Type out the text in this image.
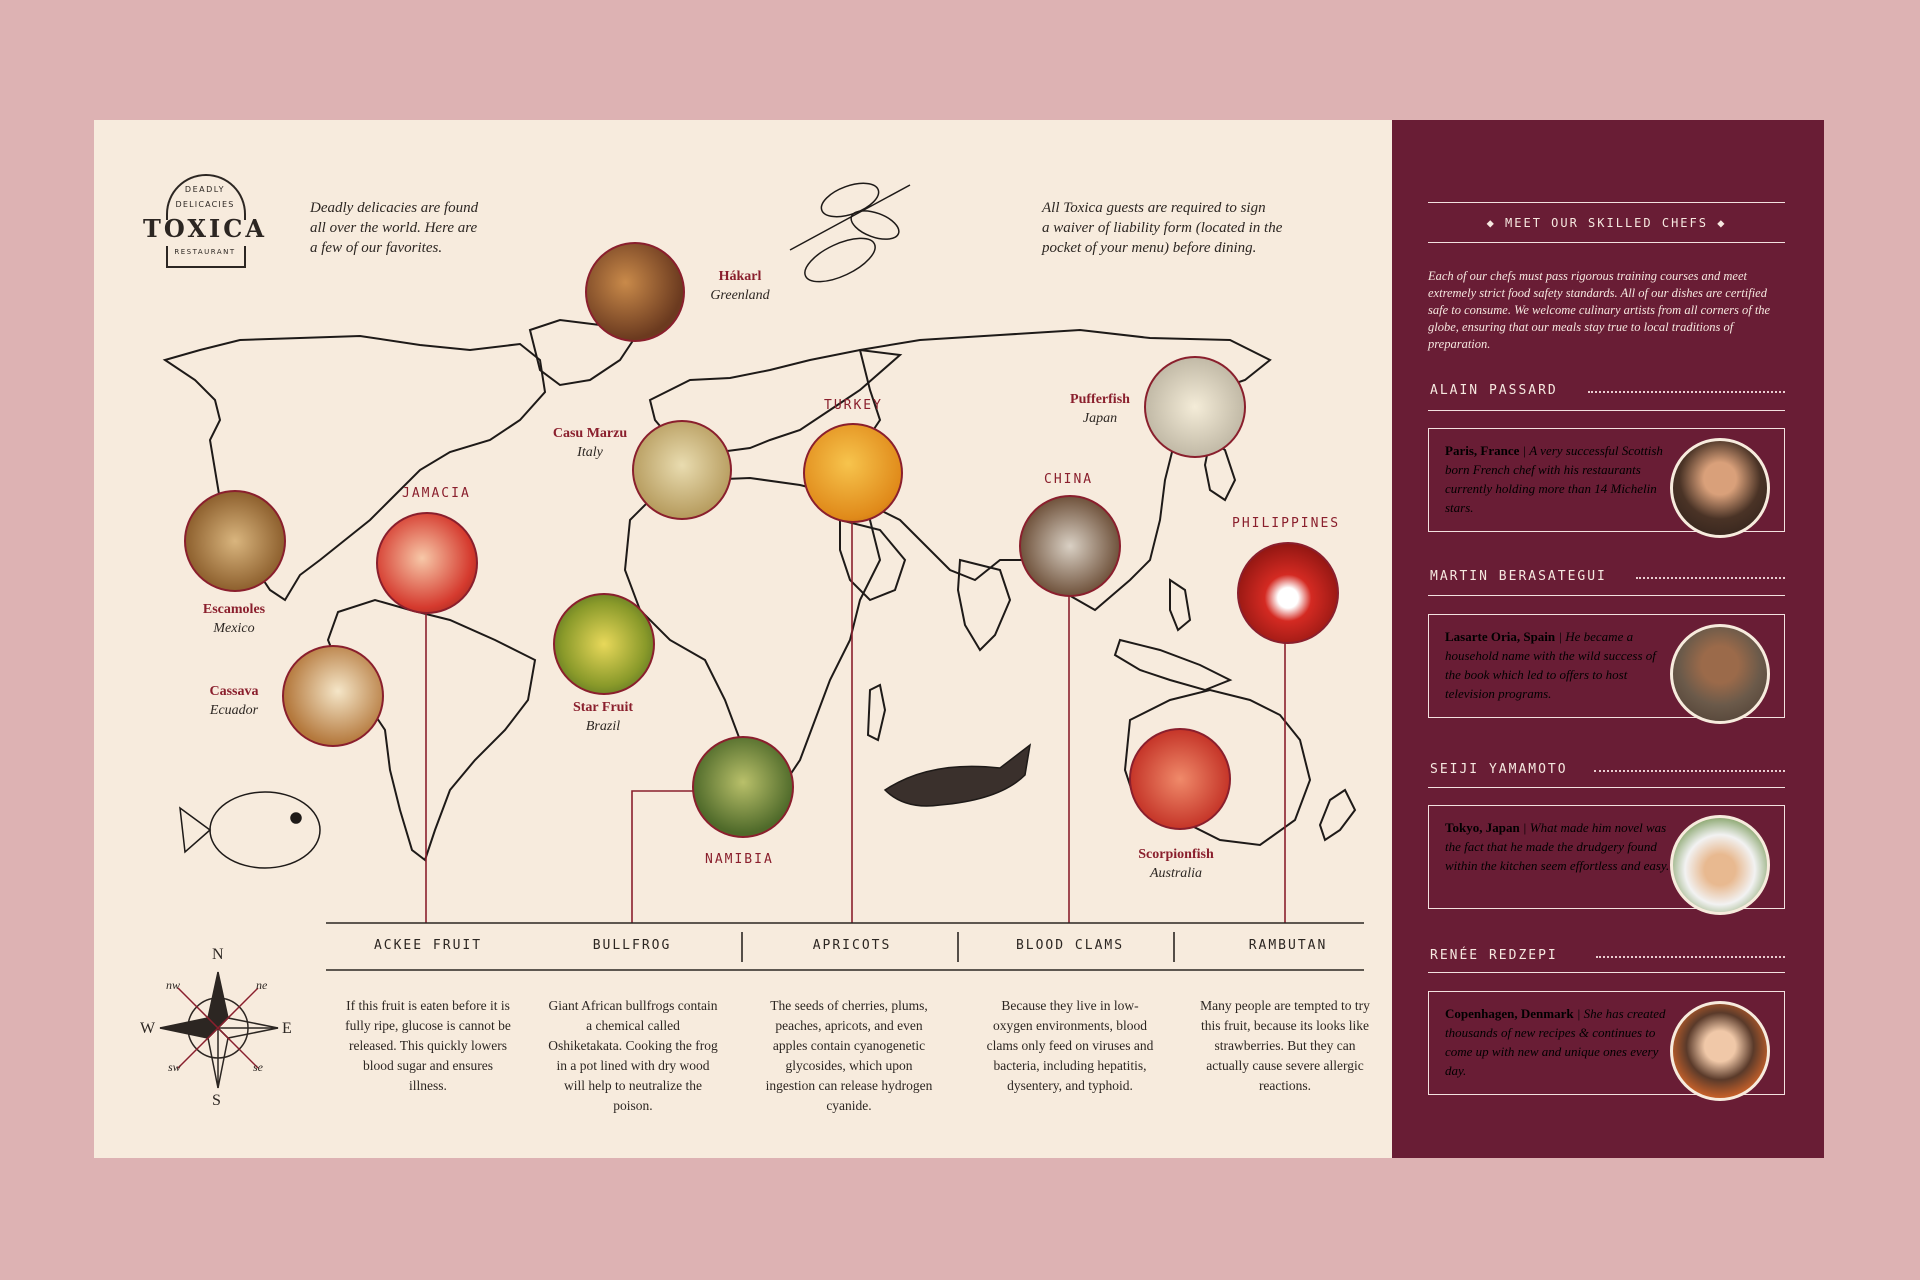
DEADLY
DELICACIES
TOXICA
RESTAURANT
Deadly delicacies are found
all over the world. Here are
a few of our favorites.
All Toxica guests are required to sign
a waiver of liability form (located in the
pocket of your menu) before dining.
Hákarl
Greenland
Casu Marzu
Italy
Pufferfish
Japan
Escamoles
Mexico
Cassava
Ecuador	Star Fruit
Brazil
Scorpionfish
Australia
JAMACIA
TURKEY
CHINA
PHILIPPINES
NAMIBIA
N
S
E
W
nw	ne
sw	se
ACKEE FRUIT	BULLFROG	APRICOTS	BLOOD CLAMS	RAMBUTAN
If this fruit is eaten before it is fully ripe, glucose is cannot be released. This quickly lowers blood sugar and ensures illness.
Giant African bullfrogs contain a chemical called Oshiketakata. Cooking the frog in a pot lined with dry wood will help to neutralize the poison.
The seeds of cherries, plums, peaches, apricots, and even apples contain cyanogenetic glycosides, which upon ingestion can release hydrogen cyanide.
Because they live in low-oxygen environments, blood clams only feed on viruses and bacteria, including hepatitis, dysentery, and typhoid.
Many people are tempted to try this fruit, because its looks like strawberries. But they can actually cause severe allergic reactions.
◆ MEET OUR SKILLED CHEFS ◆
Each of our chefs must pass rigorous training courses and meet extremely strict food safety standards. All of our dishes are certified safe to consume. We welcome culinary artists from all corners of the globe, ensuring that our meals stay true to local traditions of preparation.
ALAIN PASSARD
Paris, France | A very successful Scottish born French chef with his restaurants currently holding more than 14 Michelin stars.
MARTIN BERASATEGUI
Lasarte Oria, Spain | He became a household name with the wild success of the book which led to offers to host television programs.
SEIJI YAMAMOTO
Tokyo, Japan | What made him novel was the fact that he made the drudgery found within the kitchen seem effortless and easy.
RENÉE REDZEPI
Copenhagen, Denmark | She has created thousands of new recipes & continues to come up with new and unique ones every day.
